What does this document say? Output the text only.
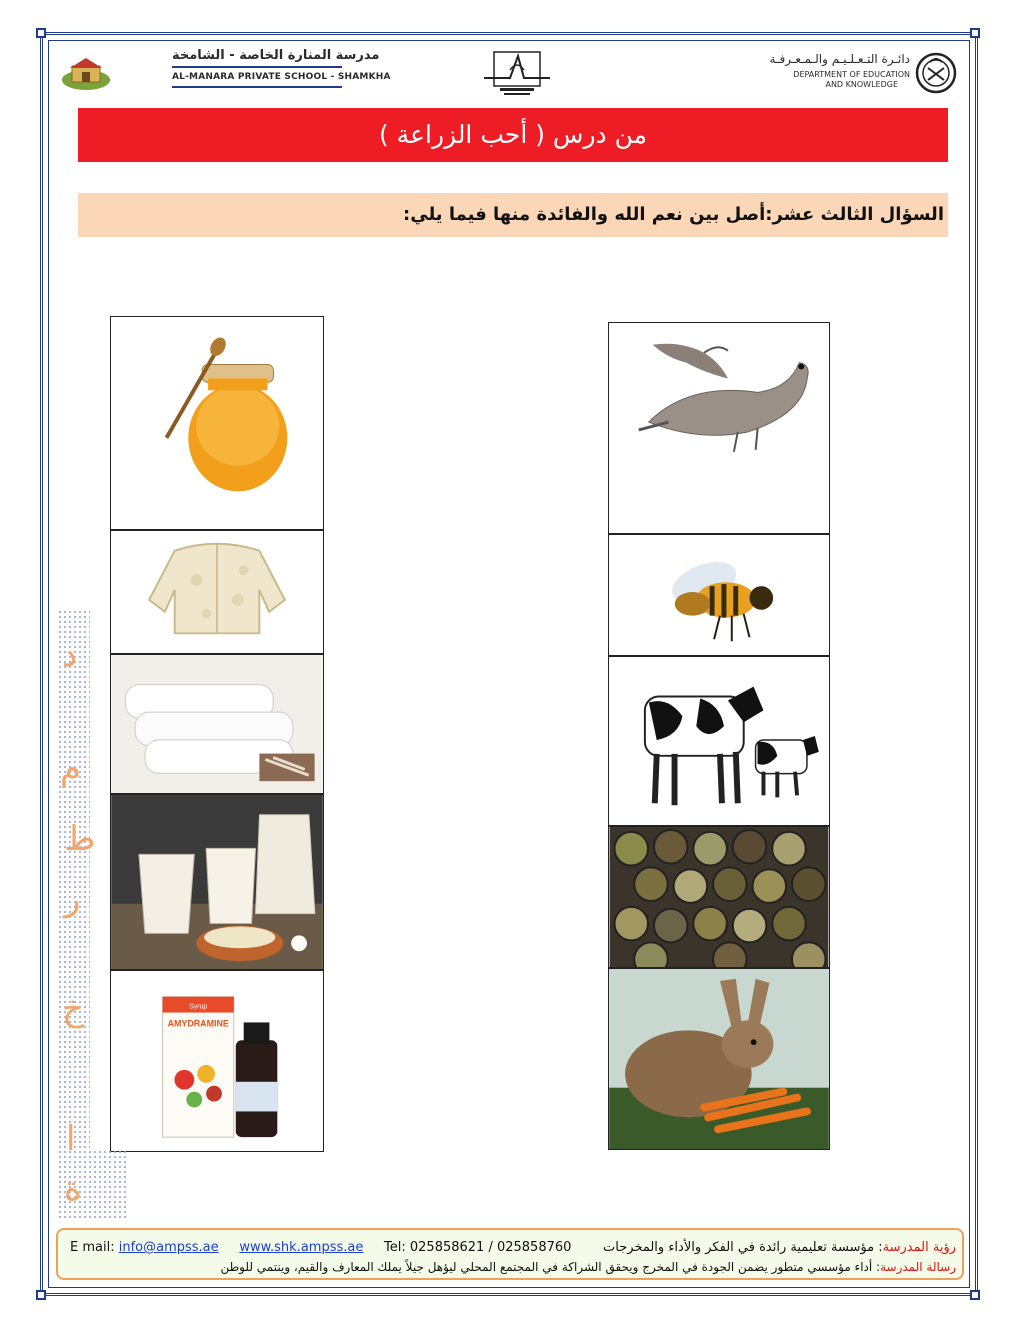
مدرسة المنارة الخاصة - الشامخة
AL-MANARA PRIVATE SCHOOL - SHAMKHA
دائـرة التـعـلـيـم والـمـعـرفـة
DEPARTMENT OF EDUCATION
AND KNOWLEDGE
من درس ( أحب الزراعة )
السؤال الثالث عشر:أصل بين نعم الله والفائدة منها فيما يلي:
Syrup
AMYDRAMINE
د
م
ط
ر
خ
ا
ة
E mail: info@ampss.ae www.shk.ampss.ae Tel: 025858621 / 025858760	رؤية المدرسة: مؤسسة تعليمية رائدة في الفكر والأداء والمخرجات
رسالة المدرسة: أداء مؤسسي متطور يضمن الجودة في المخرج ويحقق الشراكة في المجتمع المحلي ليؤهل جيلاً يملك المعارف والقيم، وينتمي للوطن
